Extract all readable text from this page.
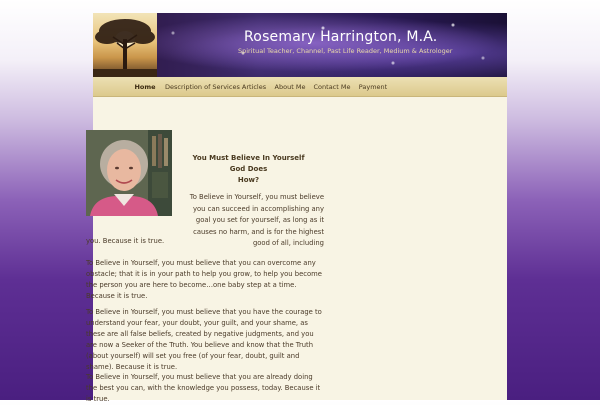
Rosemary Harrington, M.A.
Spiritual Teacher, Channel, Past Life Reader, Medium & Astrologer
Home	Description of Services Articles	About Me Contact Me Payment
You Must Believe In Yourself
God Does
How?
To Believe in Yourself, you must believe you can succeed in accomplishing any goal you set for yourself, as long as it causes no harm, and is for the highest good of all, including
you. Because it is true.
To Believe in Yourself, you must believe that you can overcome any obstacle; that it is in your path to help you grow, to help you become the person you are here to become…one baby step at a time. Because it is true.
To Believe in Yourself, you must believe that you have the courage to understand your fear, your doubt, your guilt, and your shame, as these are all false beliefs, created by negative judgments, and you are now a Seeker of the Truth. You believe and know that the Truth (about yourself) will set you free (of your fear, doubt, guilt and shame). Because it is true.
To Believe in Yourself, you must believe that you are already doing the best you can, with the knowledge you possess, today. Because it is true.
